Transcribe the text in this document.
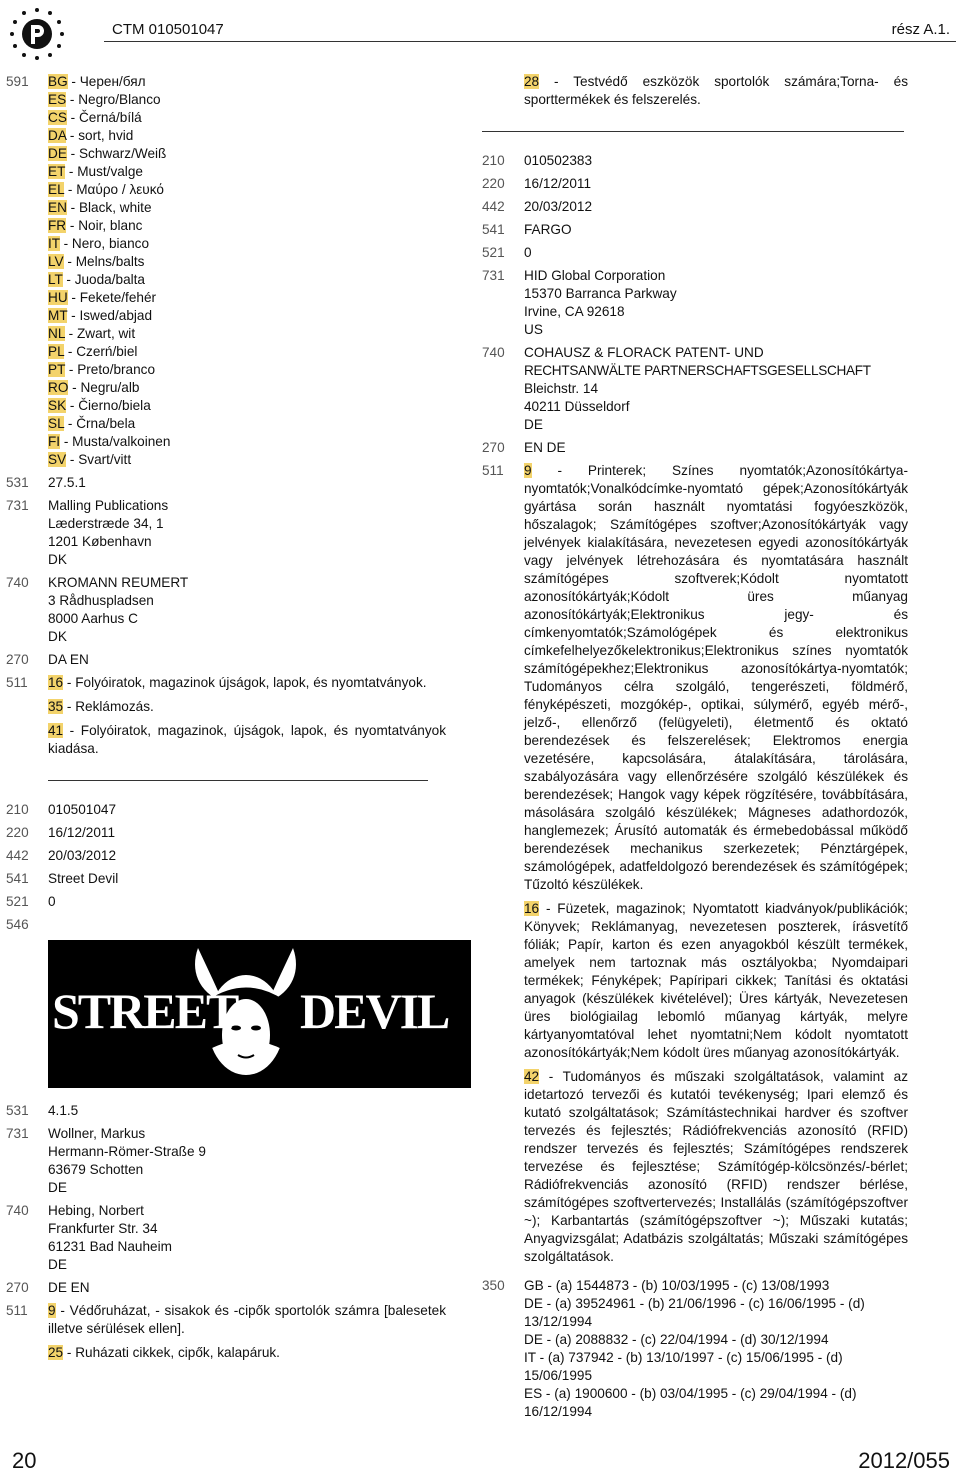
CTM 010501047	rész A.1.
591	BG - Черен/бял
ES - Negro/Blanco
CS - Černá/bílá
DA - sort, hvid
DE - Schwarz/Weiß
ET - Must/valge
EL - Μαύρο / λευκό
EN - Black, white
FR - Noir, blanc
IT - Nero, bianco
LV - Melns/balts
LT - Juoda/balta
HU - Fekete/fehér
MT - Iswed/abjad
NL - Zwart, wit
PL - Czerń/biel
PT - Preto/branco
RO - Negru/alb
SK - Čierno/biela
SL - Črna/bela
FI - Musta/valkoinen
SV - Svart/vitt
531	27.5.1
731	Malling Publications
Læderstræde 34, 1
1201 København
DK
740	KROMANN REUMERT
3 Rådhuspladsen
8000 Aarhus C
DK
270	DA EN
511	16 - Folyóiratok, magazinok újságok, lapok, és nyomtatványok.
35 - Reklámozás.
41 - Folyóiratok, magazinok, újságok, lapok, és nyomtatványok kiadása.
210	010501047
220	16/12/2011
442	20/03/2012
541	Street Devil
521	0
546
STREET DEVIL
531	4.1.5
731	Wollner, Markus
Hermann-Römer-Straße 9
63679 Schotten
DE
740	Hebing, Norbert
Frankfurter Str. 34
61231 Bad Nauheim
DE
270	DE EN
511	9 - Védőruházat, - sisakok és -cipők sportolók számra [balesetek illetve sérülések ellen].
25 - Ruházati cikkek, cipők, kalapáruk.
28 - Testvédő eszközök sportolók számára;Torna- és sporttermékek és felszerelés.
210	010502383
220	16/12/2011
442	20/03/2012
541	FARGO
521	0
731	HID Global Corporation
15370 Barranca Parkway
Irvine, CA 92618
US
740	COHAUSZ & FLORACK PATENT- UND
RECHTSANWÄLTE PARTNERSCHAFTSGESELLSCHAFT
Bleichstr. 14
40211 Düsseldorf
DE
270	EN DE
511	9 - Printerek; Színes nyomtatók;Azonosítókártya-nyomtatók;Vonalkódcímke-nyomtató gépek;Azonosítókártyák gyártása során használt nyomtatási fogyóeszközök, hőszalagok; Számítógépes szoftver;Azonosítókártyák vagy jelvények kialakítására, nevezetesen egyedi azonosítókártyák vagy jelvények létrehozására és nyomtatására használt számítógépes szoftverek;Kódolt nyomtatott azonosítókártyák;Kódolt üres műanyag azonosítókártyák;Elektronikus jegy- és címkenyomtatók;Számológépek és elektronikus címkefelhelyezőkelektronikus;Elektronikus színes nyomtatók számítógépekhez;Elektronikus azonosítókártya-nyomtatók; Tudományos célra szolgáló, tengerészeti, földmérő, fényképészeti, mozgókép-, optikai, súlymérő, egyéb mérő-, jelző-, ellenőrző (felügyeleti), életmentő és oktató berendezések és felszerelések; Elektromos energia vezetésére, kapcsolására, átalakítására, tárolására, szabályozására vagy ellenőrzésére szolgáló készülékek és berendezések; Hangok vagy képek rögzítésére, továbbítására, másolására szolgáló készülékek; Mágneses adathordozók, hanglemezek; Árusító automaták és érmebedobással működő berendezések mechanikus szerkezetek; Pénztárgépek, számológépek, adatfeldolgozó berendezések és számítógépek; Tűzoltó készülékek.
16 - Füzetek, magazinok; Nyomtatott kiadványok/publikációk; Könyvek; Reklámanyag, nevezetesen poszterek, írásvetítő fóliák; Papír, karton és ezen anyagokból készült termékek, amelyek nem tartoznak más osztályokba; Nyomdaipari termékek; Fényképek; Papíripari cikkek; Tanítási és oktatási anyagok (készülékek kivételével); Üres kártyák, Nevezetesen üres biológiailag lebomló műanyag kártyák, melyre kártyanyomtatóval lehet nyomtatni;Nem kódolt nyomtatott azonosítókártyák;Nem kódolt üres műanyag azonosítókártyák.
42 - Tudományos és műszaki szolgáltatások, valamint az idetartozó tervezői és kutatói tevékenység; Ipari elemző és kutató szolgáltatások; Számítástechnikai hardver és szoftver tervezés és fejlesztés; Rádiófrekvenciás azonosító (RFID) rendszer tervezés és fejlesztés; Számítógépes rendszerek tervezése és fejlesztése; Számítógép-kölcsönzés/-bérlet; Rádiófrekvenciás azonosító (RFID) rendszer bérlése, számítógépes szoftvertervezés; Installálás (számítógépszoftver ~); Karbantartás (számítógépszoftver ~); Műszaki kutatás; Anyagvizsgálat; Adatbázis szolgáltatás; Műszaki számítógépes szolgáltatások.
350	GB - (a) 1544873 - (b) 10/03/1995 - (c) 13/08/1993
DE - (a) 39524961 - (b) 21/06/1996 - (c) 16/06/1995 - (d) 13/12/1994
DE - (a) 2088832 - (c) 22/04/1994 - (d) 30/12/1994
IT - (a) 737942 - (b) 13/10/1997 - (c) 15/06/1995 - (d) 15/06/1995
ES - (a) 1900600 - (b) 03/04/1995 - (c) 29/04/1994 - (d) 16/12/1994
20	2012/055
